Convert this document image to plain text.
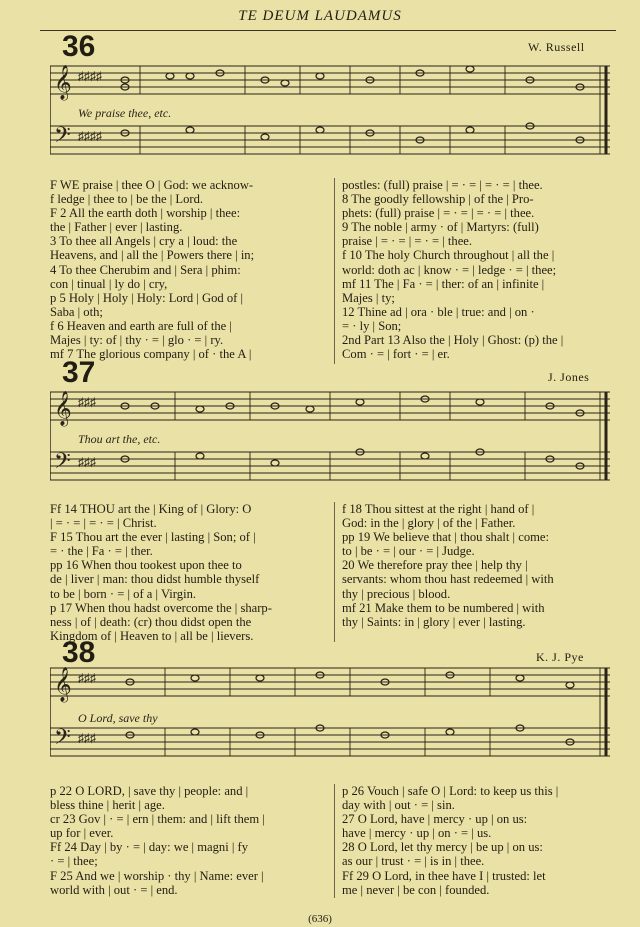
TE DEUM LAUDAMUS
36	W. Russell
𝄞
𝄢
♯♯♯♯
♯♯♯♯
We praise thee, etc.
F WE praise | thee O | God: we acknow-
f ledge | thee to | be the | Lord.
F 2 All the earth doth | worship | thee:
the | Father | ever | lasting.
3 To thee all Angels | cry a | loud: the
Heavens, and | all the | Powers there | in;
4 To thee Cherubim and | Sera | phim:
con | tinual | ly do | cry,
p 5 Holy | Holy | Holy: Lord | God of |
Saba | oth;
f 6 Heaven and earth are full of the |
Majes | ty: of | thy · = | glo · = | ry.
mf 7 The glorious company | of · the A |
postles: (full) praise | = · = | = · = | thee.
8 The goodly fellowship | of the | Pro-
phets: (full) praise | = · = | = · = | thee.
9 The noble | army · of | Martyrs: (full)
praise | = · = | = · = | thee.
f 10 The holy Church throughout | all the |
world: doth ac | know · = | ledge · = | thee;
mf 11 The | Fa · = | ther: of an | infinite |
Majes | ty;
12 Thine ad | ora · ble | true: and | on ·
= · ly | Son;
2nd Part 13 Also the | Holy | Ghost: (p) the |
Com · = | fort · = | er.
37	J. Jones
𝄞
𝄢
♯♯♯
♯♯♯
Thou art the, etc.
Ff 14 THOU art the | King of | Glory: O
| = · = | = · = | Christ.
F 15 Thou art the ever | lasting | Son; of |
= · the | Fa · = | ther.
pp 16 When thou tookest upon thee to
de | liver | man: thou didst humble thyself
to be | born · = | of a | Virgin.
p 17 When thou hadst overcome the | sharp-
ness | of | death: (cr) thou didst open the
Kingdom of | Heaven to | all be | lievers.
f 18 Thou sittest at the right | hand of |
God: in the | glory | of the | Father.
pp 19 We believe that | thou shalt | come:
to | be · = | our · = | Judge.
20 We therefore pray thee | help thy |
servants: whom thou hast redeemed | with
thy | precious | blood.
mf 21 Make them to be numbered | with
thy | Saints: in | glory | ever | lasting.
38	K. J. Pye
𝄞
𝄢
♯♯♯
♯♯♯
O Lord, save thy
p 22 O LORD, | save thy | people: and |
bless thine | herit | age.
cr 23 Gov | · = | ern | them: and | lift them |
up for | ever.
Ff 24 Day | by · = | day: we | magni | fy
· = | thee;
F 25 And we | worship · thy | Name: ever |
world with | out · = | end.
p 26 Vouch | safe O | Lord: to keep us this |
day with | out · = | sin.
27 O Lord, have | mercy · up | on us:
have | mercy · up | on · = | us.
28 O Lord, let thy mercy | be up | on us:
as our | trust · = | is in | thee.
Ff 29 O Lord, in thee have I | trusted: let
me | never | be con | founded.
(636)
